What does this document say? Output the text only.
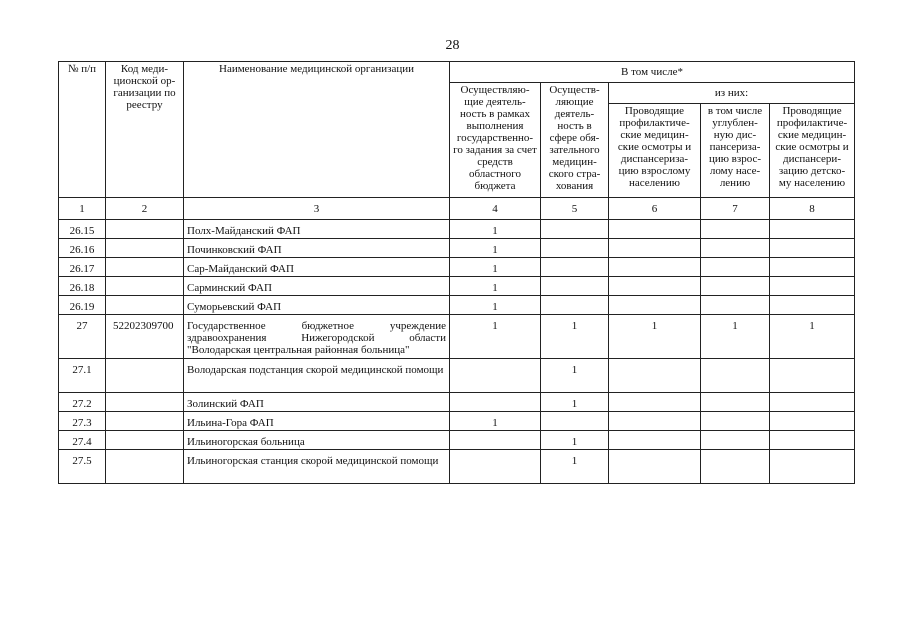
28
№ п/п	Код меди-ционской ор-ганизации по реестру	Наименование медицинской организации	В том числе*				
			Осуществляю-щие деятель-ность в рамках выполнения государственно-го задания за счет средств областного бюджета	Осуществ-ляющие деятель-ность в сфере обя-зательного медицин-ского стра-хования	из них:		
					Проводящие профилактиче-ские медицин-ские осмотры и диспансериза-цию взрослому населению	в том числе углублен-ную дис-пансериза-цию взрос-лому насе-лению	Проводящие профилактиче-ские медицин-ские осмотры и диспансери-зацию детско-му населению
1	2	3	4	5	6	7	8
26.15		Полх-Майданский ФАП	1				
26.16		Починковский ФАП	1				
26.17		Сар-Майданский ФАП	1				
26.18		Сарминский ФАП	1				
26.19		Суморьевский ФАП	1				
27	52202309700	Государственное бюджетное учреждение здравоохранения Нижегородской области "Володарская центральная районная больница"	1	1	1	1	1
27.1		Володарская подстанция скорой медицинской помощи		1			
27.2		Золинский ФАП		1			
27.3		Ильина-Гора ФАП	1				
27.4		Ильиногорская больница		1			
27.5		Ильиногорская станция скорой медицинской помощи		1			
